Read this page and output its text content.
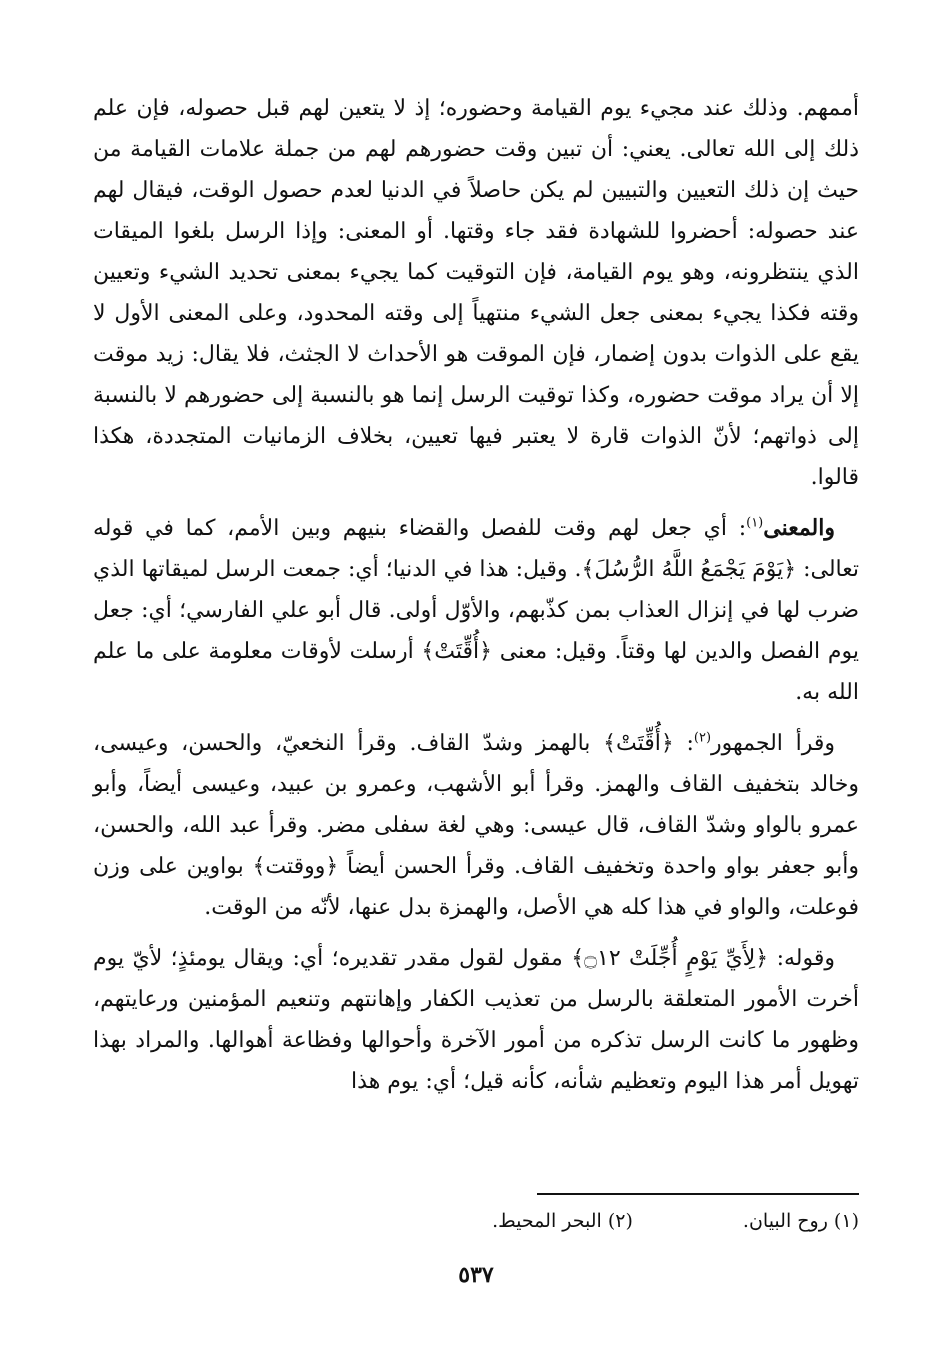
أممهم. وذلك عند مجيء يوم القيامة وحضوره؛ إذ لا يتعين لهم قبل حصوله، فإن علم ذلك إلى الله تعالى. يعني: أن تبين وقت حضورهم لهم من جملة علامات القيامة من حيث إن ذلك التعيين والتبيين لم يكن حاصلاً في الدنيا لعدم حصول الوقت، فيقال لهم عند حصوله: أحضروا للشهادة فقد جاء وقتها. أو المعنى: وإذا الرسل بلغوا الميقات الذي ينتظرونه، وهو يوم القيامة، فإن التوقيت كما يجيء بمعنى تحديد الشيء وتعيين وقته فكذا يجيء بمعنى جعل الشيء منتهياً إلى وقته المحدود، وعلى المعنى الأول لا يقع على الذوات بدون إضمار، فإن الموقت هو الأحداث لا الجثث، فلا يقال: زيد موقت إلا أن يراد موقت حضوره، وكذا توقيت الرسل إنما هو بالنسبة إلى حضورهم لا بالنسبة إلى ذواتهم؛ لأنّ الذوات قارة لا يعتبر فيها تعيين، بخلاف الزمانيات المتجددة، هكذا قالوا.

والمعنى$^{(١)}$: أي جعل لهم وقت للفصل والقضاء بنيهم وبين الأمم، كما في قوله تعالى: ﴿يَوْمَ يَجْمَعُ اللَّهُ الرُّسُلَ﴾. وقيل: هذا في الدنيا؛ أي: جمعت الرسل لميقاتها الذي ضرب لها في إنزال العذاب بمن كذّبهم، والأوّل أولى. قال أبو علي الفارسي؛ أي: جعل يوم الفصل والدين لها وقتاً. وقيل: معنى ﴿أُقِّتَتْ﴾ أرسلت لأوقات معلومة على ما علم الله به.

وقرأ الجمهور$^{(٢)}$: ﴿أُقِّتَتْ﴾ بالهمز وشدّ القاف. وقرأ النخعيّ، والحسن، وعيسى، وخالد بتخفيف القاف والهمز. وقرأ أبو الأشهب، وعمرو بن عبيد، وعيسى أيضاً، وأبو عمرو بالواو وشدّ القاف، قال عيسى: وهي لغة سفلى مضر. وقرأ عبد الله، والحسن، وأبو جعفر بواو واحدة وتخفيف القاف. وقرأ الحسن أيضاً ﴿ووقتت﴾ بواوين على وزن فوعلت، والواو في هذا كله هي الأصل، والهمزة بدل عنها، لأنّه من الوقت.

وقوله: ﴿لِأَيِّ يَوْمٍ أُجِّلَتْ ۝١٢﴾ مقول لقول مقدر تقديره؛ أي: ويقال يومئذٍ؛ لأيّ يوم أخرت الأمور المتعلقة بالرسل من تعذيب الكفار وإهانتهم وتنعيم المؤمنين ورعايتهم، وظهور ما كانت الرسل تذكره من أمور الآخرة وأحوالها وفظاعة أهوالها. والمراد بهذا تهويل أمر هذا اليوم وتعظيم شأنه، كأنه قيل؛ أي: يوم هذا

(١) روح البيان.
(٢) البحر المحيط.
٥٣٧
